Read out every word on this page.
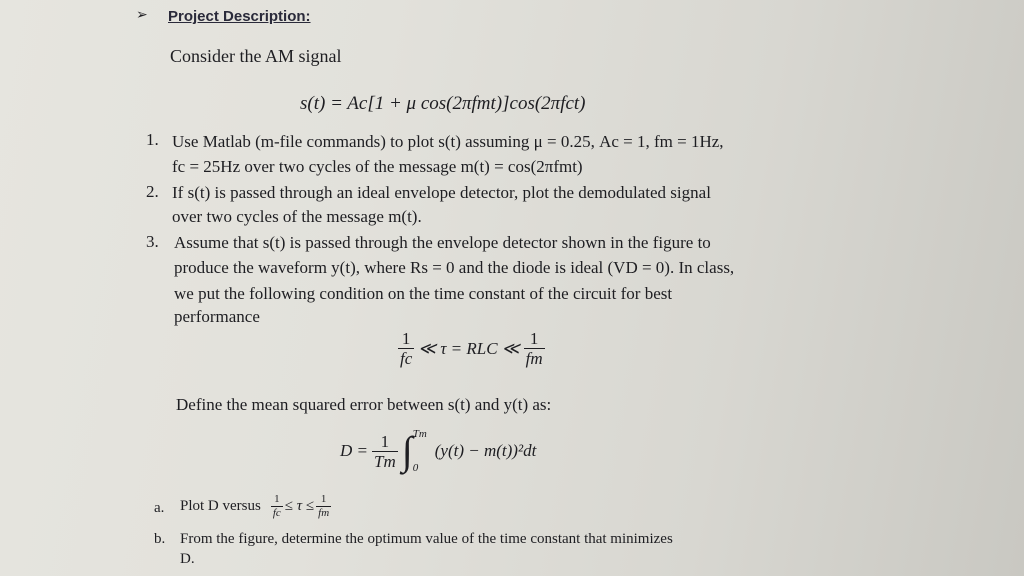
➢ Project Description:
Consider the AM signal
s(t) = Ac[1 + μ cos(2πfmt)]cos(2πfct)
1. Use Matlab (m-file commands) to plot s(t) assuming μ = 0.25, Ac = 1, fm = 1Hz,
fc = 25Hz over two cycles of the message m(t) = cos(2πfmt)
2. If s(t) is passed through an ideal envelope detector, plot the demodulated signal
over two cycles of the message m(t).
3. Assume that s(t) is passed through the envelope detector shown in the figure to
produce the waveform y(t), where Rs = 0 and the diode is ideal (VD = 0). In class,
we put the following condition on the time constant of the circuit for best
performance
$\frac{1}{fc}$ ≪ τ = RLC ≪ $\frac{1}{fm}$
Define the mean squared error between s(t) and y(t) as:
$D = \frac{1}{Tm}$ ∫ Tm
0
(y(t) − m(t))²dt
a. Plot D versus $\frac{1}{fc} \le \tau \le \frac{1}{fm}$
b. From the figure, determine the optimum value of the time constant that minimizes
D.
